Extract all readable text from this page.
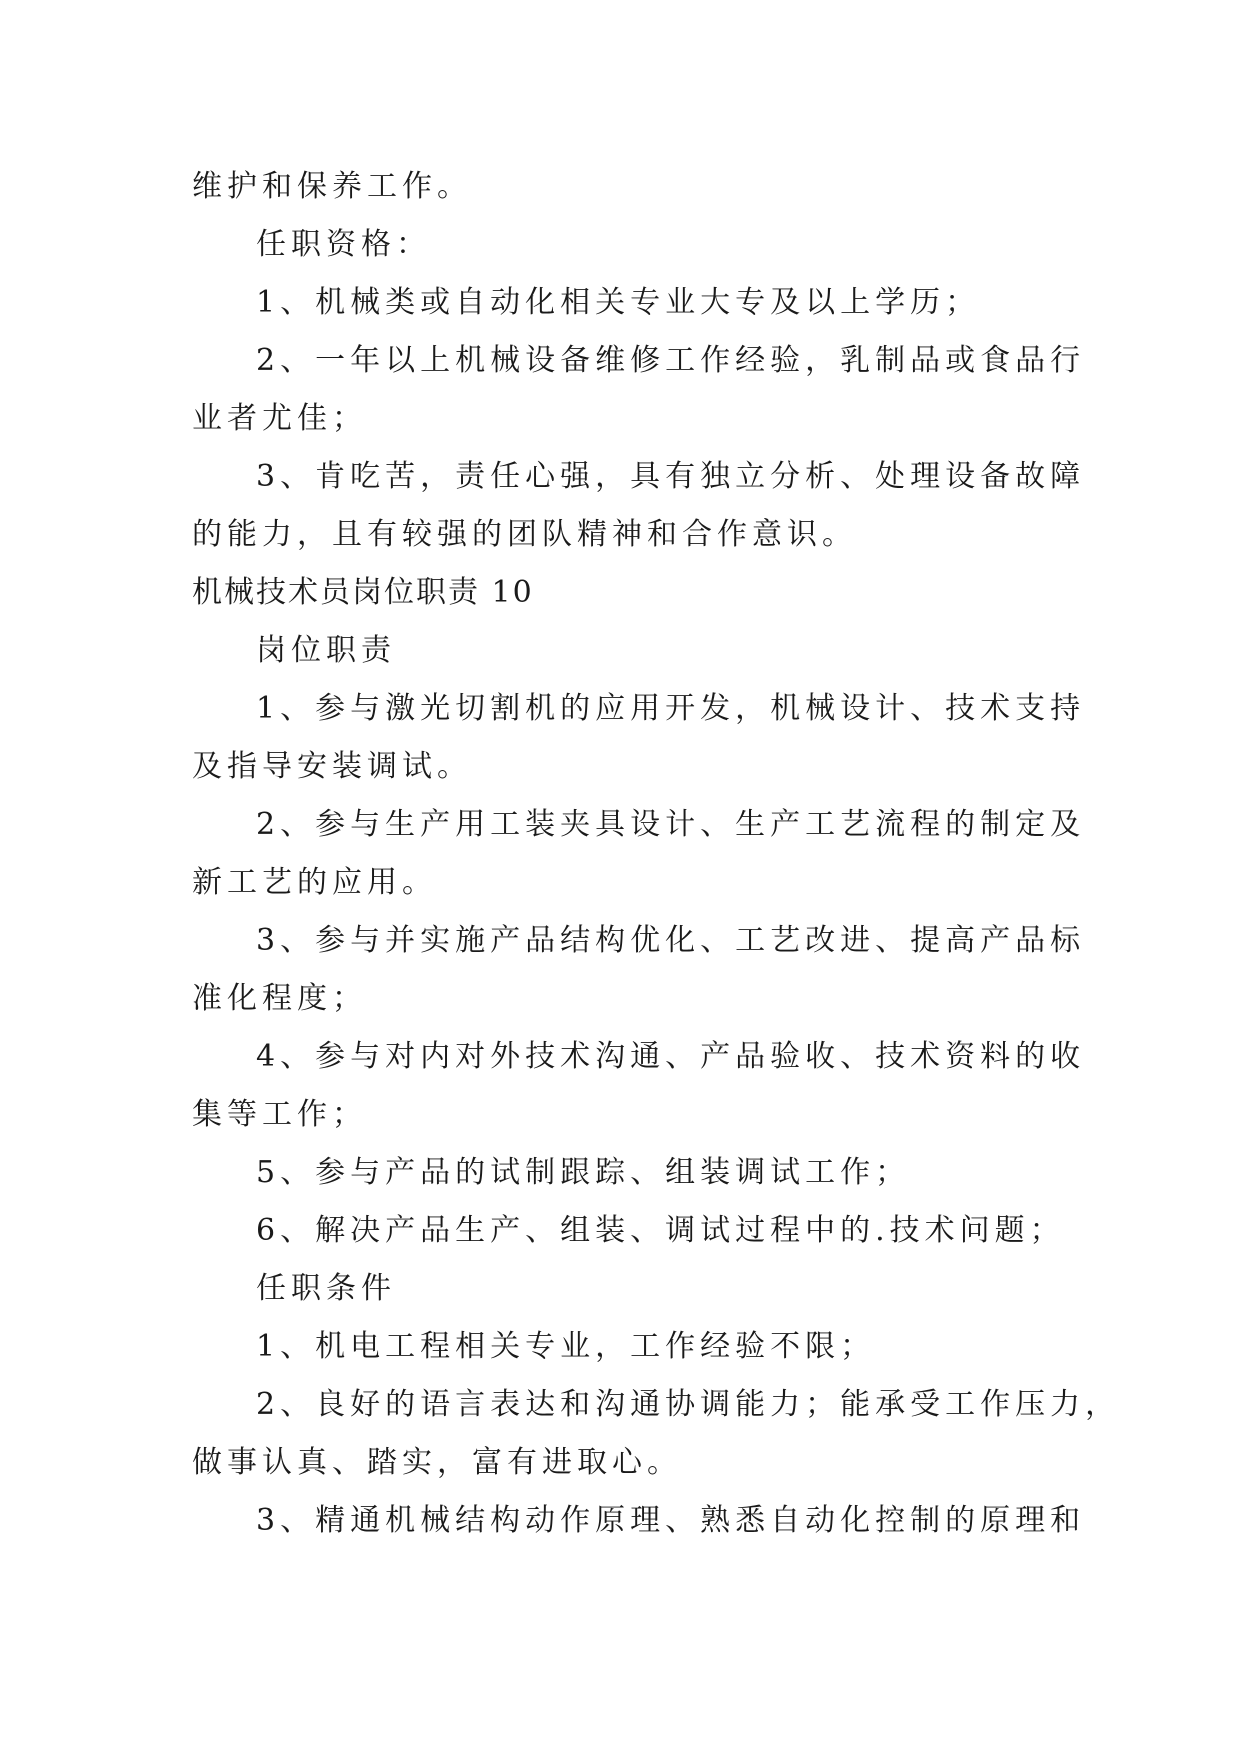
维护和保养工作。

任职资格：

1、机械类或自动化相关专业大专及以上学历；

2、一年以上机械设备维修工作经验，乳制品或食品行

业者尤佳；

3、肯吃苦，责任心强，具有独立分析、处理设备故障

的能力，且有较强的团队精神和合作意识。

机械技术员岗位职责 10

岗位职责

1、参与激光切割机的应用开发，机械设计、技术支持

及指导安装调试。

2、参与生产用工装夹具设计、生产工艺流程的制定及

新工艺的应用。

3、参与并实施产品结构优化、工艺改进、提高产品标

准化程度；

4、参与对内对外技术沟通、产品验收、技术资料的收

集等工作；

5、参与产品的试制跟踪、组装调试工作；

6、解决产品生产、组装、调试过程中的.技术问题；

任职条件

1、机电工程相关专业，工作经验不限；

2、良好的语言表达和沟通协调能力；能承受工作压力，

做事认真、踏实，富有进取心。

3、精通机械结构动作原理、熟悉自动化控制的原理和
